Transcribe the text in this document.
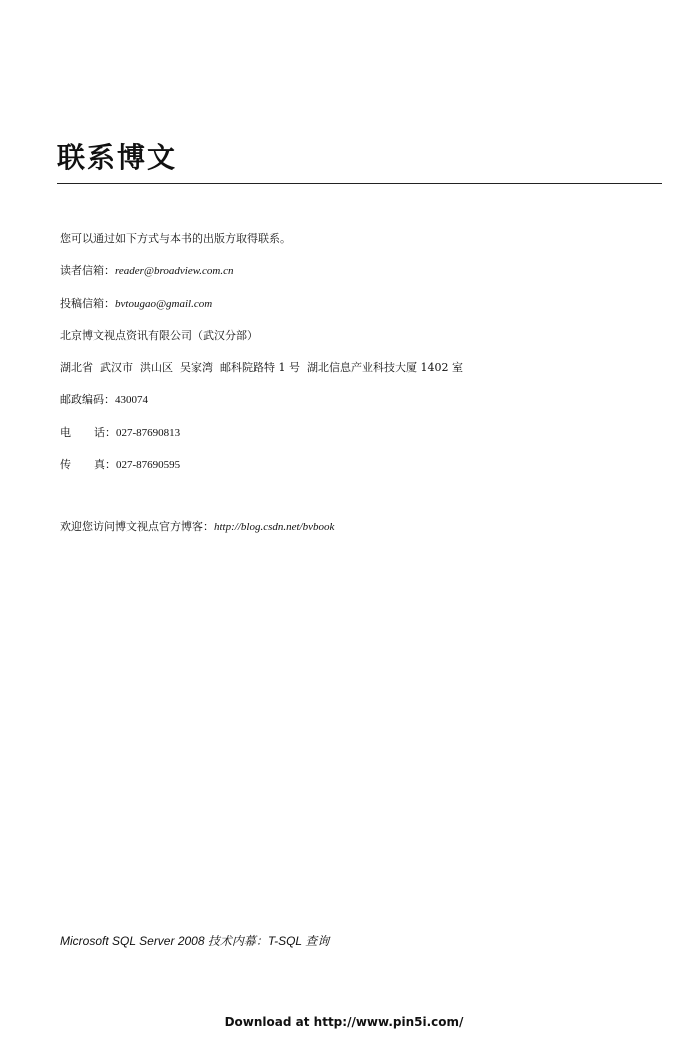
联系博文
您可以通过如下方式与本书的出版方取得联系。
读者信箱：reader@broadview.com.cn
投稿信箱：bvtougao@gmail.com
北京博文视点资讯有限公司（武汉分部）
湖北省  武汉市  洪山区  吴家湾  邮科院路特 1 号  湖北信息产业科技大厦 1402 室
邮政编码：430074
电 话：027-87690813
传 真：027-87690595
欢迎您访问博文视点官方博客：http://blog.csdn.net/bvbook
Microsoft SQL Server 2008 技术内幕：T-SQL 查询
Download at http://www.pin5i.com/
